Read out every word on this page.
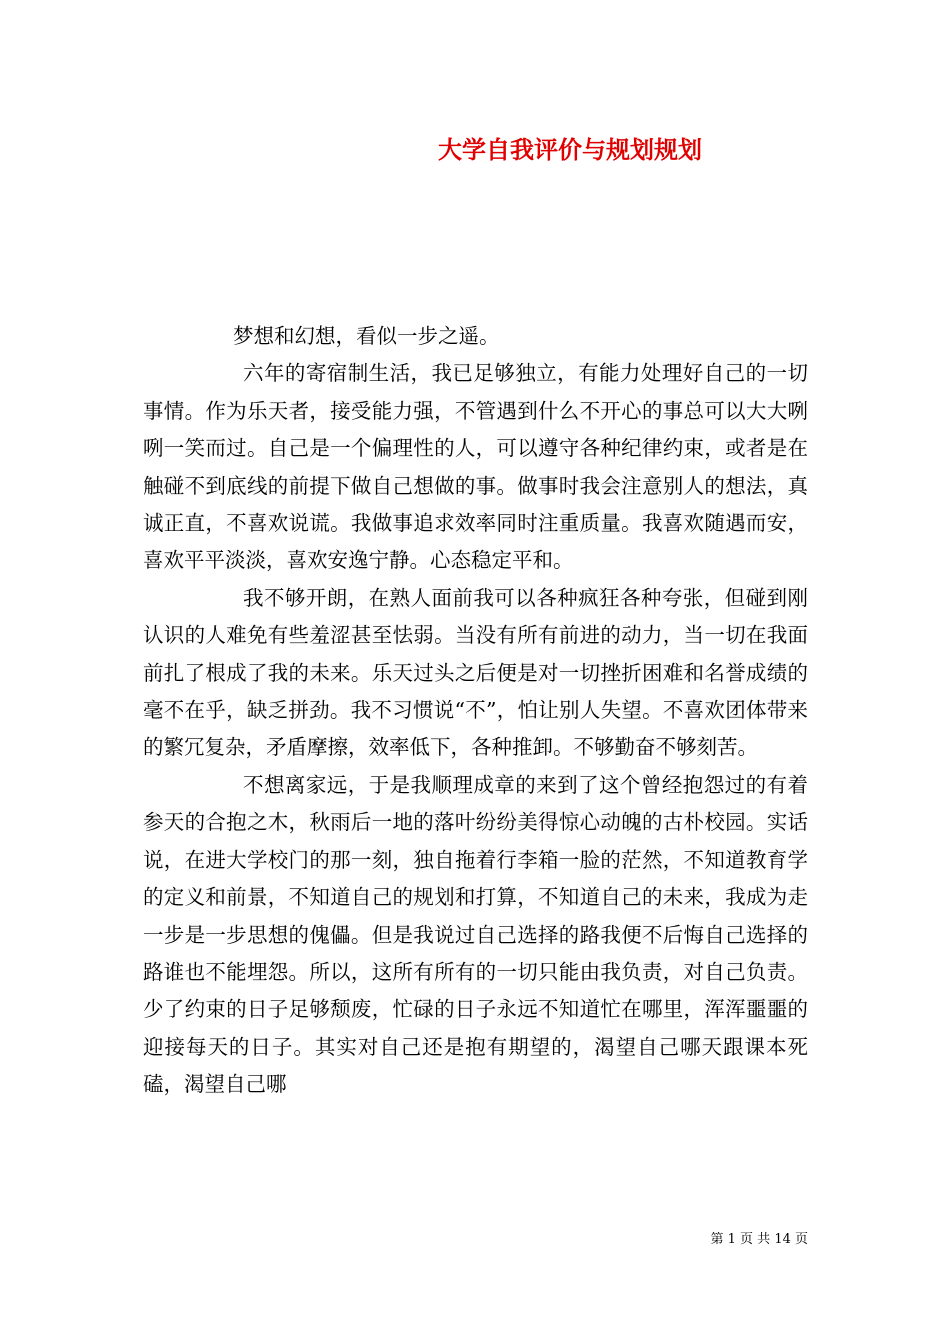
大学自我评价与规划规划

梦想和幻想，看似一步之遥。

六年的寄宿制生活，我已足够独立，有能力处理好自己的一切事情。作为乐天者，接受能力强，不管遇到什么不开心的事总可以大大咧咧一笑而过。自己是一个偏理性的人，可以遵守各种纪律约束，或者是在触碰不到底线的前提下做自己想做的事。做事时我会注意别人的想法，真诚正直，不喜欢说谎。我做事追求效率同时注重质量。我喜欢随遇而安，喜欢平平淡淡，喜欢安逸宁静。心态稳定平和。

我不够开朗，在熟人面前我可以各种疯狂各种夸张，但碰到刚认识的人难免有些羞涩甚至怯弱。当没有所有前进的动力，当一切在我面前扎了根成了我的未来。乐天过头之后便是对一切挫折困难和名誉成绩的毫不在乎，缺乏拼劲。我不习惯说“不”，怕让别人失望。不喜欢团体带来的繁冗复杂，矛盾摩擦，效率低下，各种推卸。不够勤奋不够刻苦。

不想离家远，于是我顺理成章的来到了这个曾经抱怨过的有着参天的合抱之木，秋雨后一地的落叶纷纷美得惊心动魄的古朴校园。实话说，在进大学校门的那一刻，独自拖着行李箱一脸的茫然，不知道教育学的定义和前景，不知道自己的规划和打算，不知道自己的未来，我成为走一步是一步思想的傀儡。但是我说过自己选择的路我便不后悔自己选择的路谁也不能埋怨。所以，这所有所有的一切只能由我负责，对自己负责。少了约束的日子足够颓废，忙碌的日子永远不知道忙在哪里，浑浑噩噩的迎接每天的日子。其实对自己还是抱有期望的，渴望自己哪天跟课本死磕，渴望自己哪

第 1 页 共 14 页
